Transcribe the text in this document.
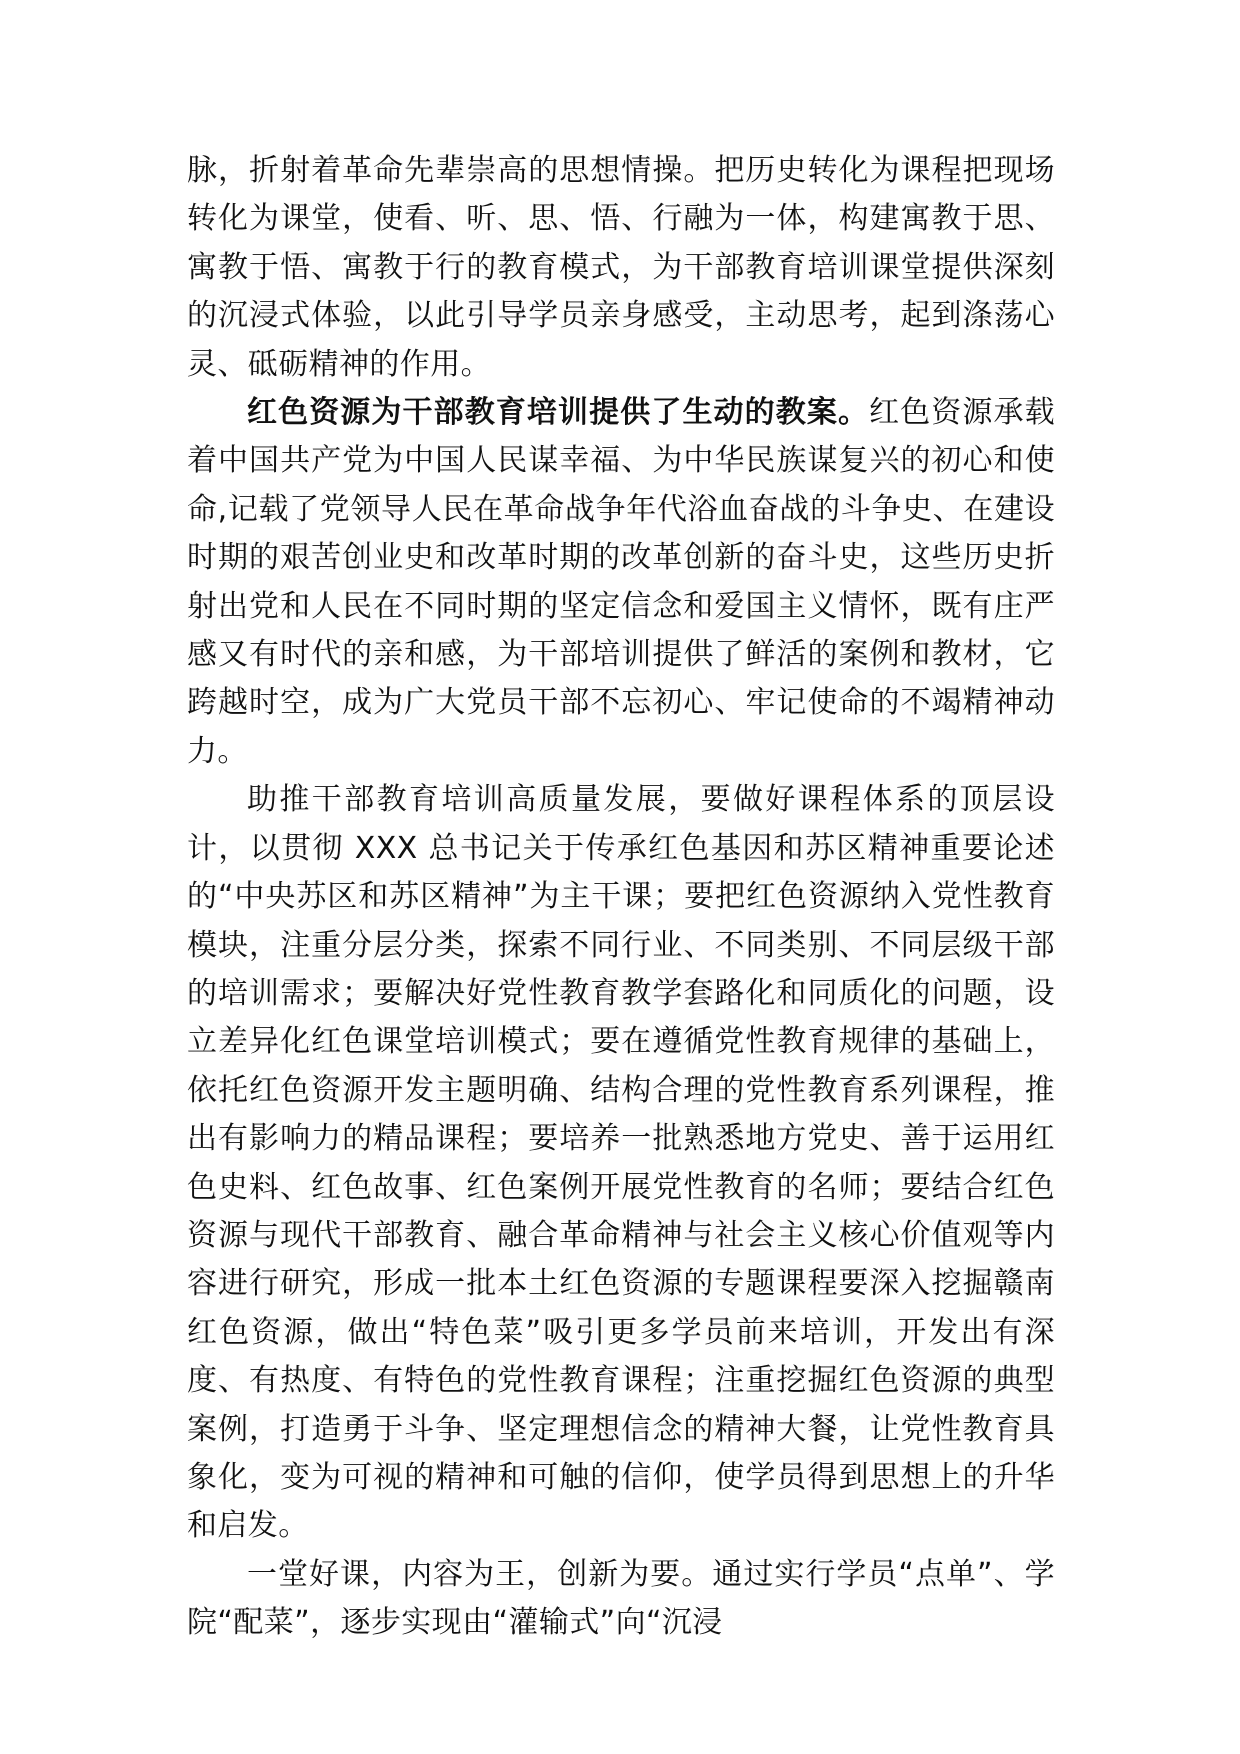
脉，折射着革命先辈崇高的思想情操。把历史转化为课程把现场转化为课堂，使看、听、思、悟、行融为一体，构建寓教于思、寓教于悟、寓教于行的教育模式，为干部教育培训课堂提供深刻的沉浸式体验，以此引导学员亲身感受，主动思考，起到涤荡心灵、砥砺精神的作用。

红色资源为干部教育培训提供了生动的教案。红色资源承载着中国共产党为中国人民谋幸福、为中华民族谋复兴的初心和使命,记载了党领导人民在革命战争年代浴血奋战的斗争史、在建设时期的艰苦创业史和改革时期的改革创新的奋斗史，这些历史折射出党和人民在不同时期的坚定信念和爱国主义情怀，既有庄严感又有时代的亲和感，为干部培训提供了鲜活的案例和教材，它跨越时空，成为广大党员干部不忘初心、牢记使命的不竭精神动力。

助推干部教育培训高质量发展，要做好课程体系的顶层设计，以贯彻 XXX 总书记关于传承红色基因和苏区精神重要论述的“中央苏区和苏区精神”为主干课；要把红色资源纳入党性教育模块，注重分层分类，探索不同行业、不同类别、不同层级干部的培训需求；要解决好党性教育教学套路化和同质化的问题，设立差异化红色课堂培训模式；要在遵循党性教育规律的基础上，依托红色资源开发主题明确、结构合理的党性教育系列课程，推出有影响力的精品课程；要培养一批熟悉地方党史、善于运用红色史料、红色故事、红色案例开展党性教育的名师；要结合红色资源与现代干部教育、融合革命精神与社会主义核心价值观等内容进行研究，形成一批本土红色资源的专题课程要深入挖掘赣南红色资源，做出“特色菜”吸引更多学员前来培训，开发出有深度、有热度、有特色的党性教育课程；注重挖掘红色资源的典型案例，打造勇于斗争、坚定理想信念的精神大餐，让党性教育具象化，变为可视的精神和可触的信仰，使学员得到思想上的升华和启发。

一堂好课，内容为王，创新为要。通过实行学员“点单”、学院“配菜”，逐步实现由“灌输式”向“沉浸
